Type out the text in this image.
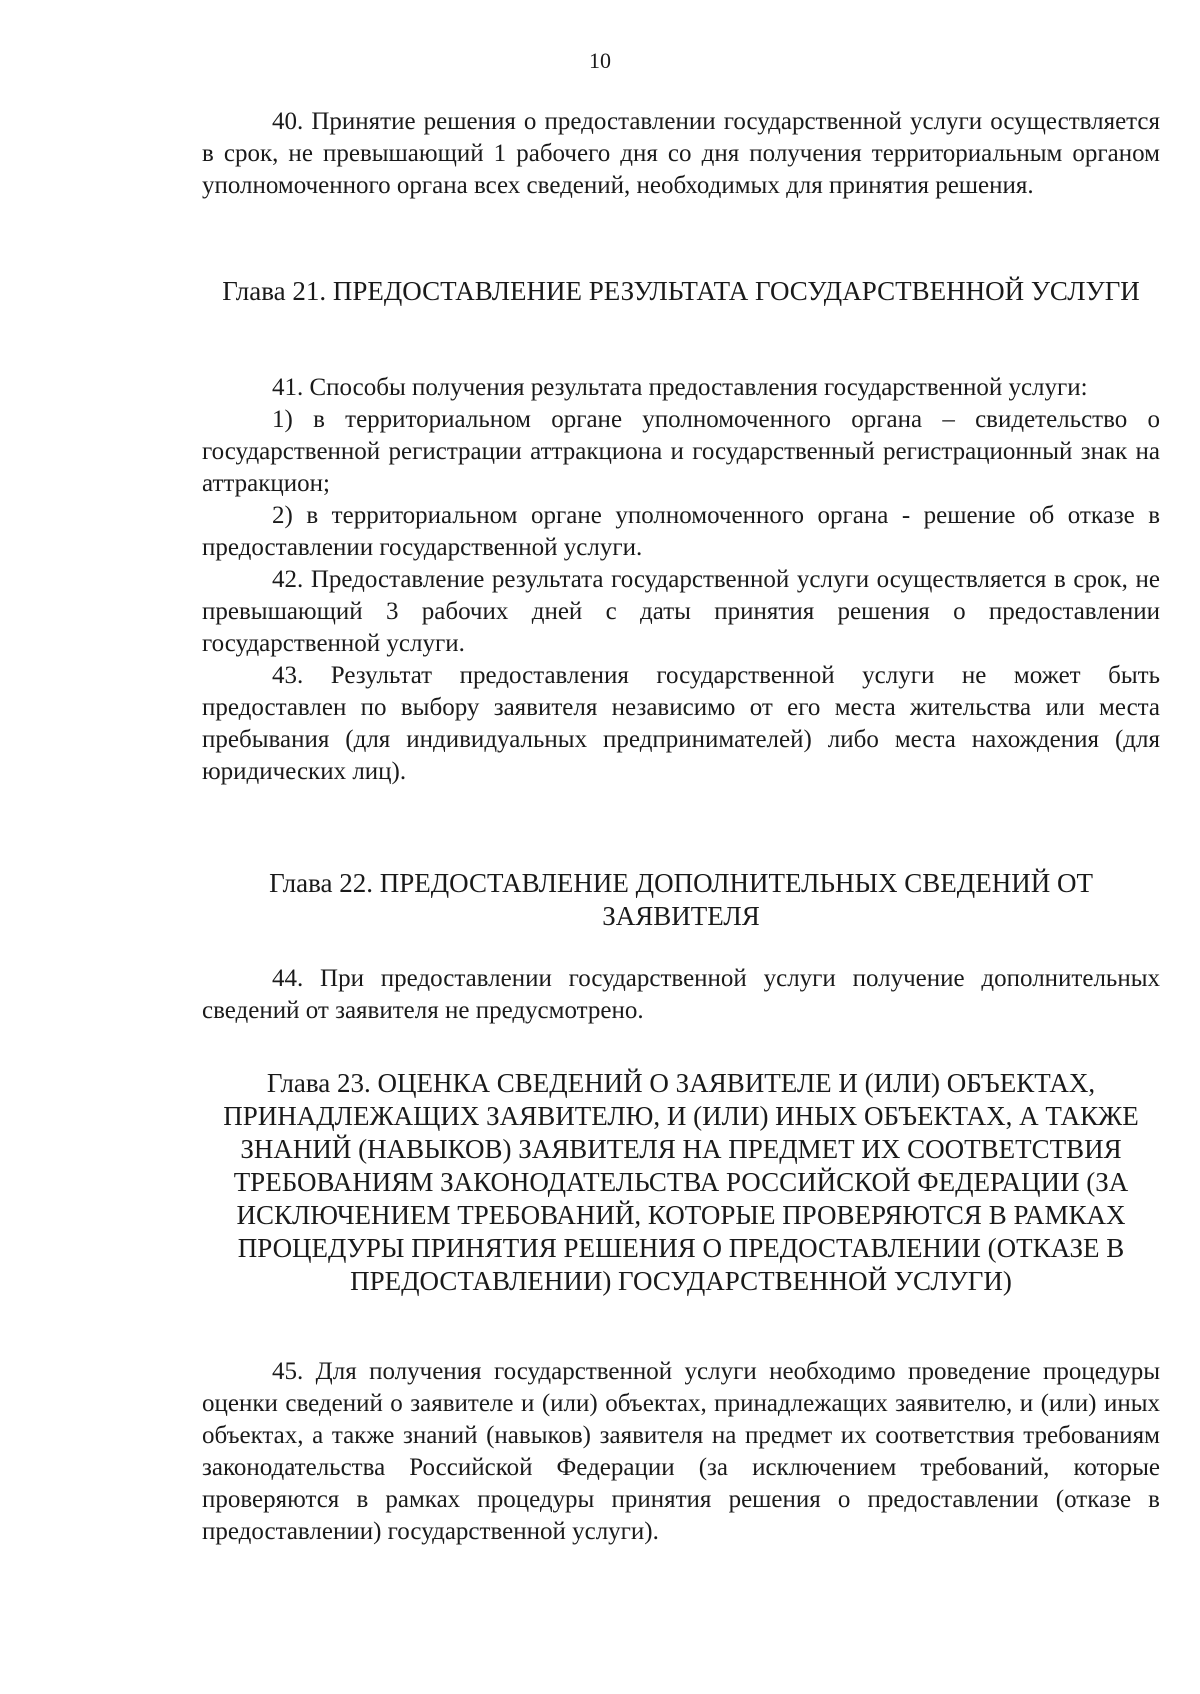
10

40. Принятие решения о предоставлении государственной услуги осуществляется в срок, не превышающий 1 рабочего дня со дня получения территориальным органом уполномоченного органа всех сведений, необходимых для принятия решения.

Глава 21. ПРЕДОСТАВЛЕНИЕ РЕЗУЛЬТАТА ГОСУДАРСТВЕННОЙ УСЛУГИ

41. Способы получения результата предоставления государственной услуги:

1) в территориальном органе уполномоченного органа – свидетельство о государственной регистрации аттракциона и государственный регистрационный знак на аттракцион;

2) в территориальном органе уполномоченного органа - решение об отказе в предоставлении государственной услуги.

42. Предоставление результата государственной услуги осуществляется в срок, не превышающий 3 рабочих дней с даты принятия решения о предоставлении государственной услуги.

43. Результат предоставления государственной услуги не может быть предоставлен по выбору заявителя независимо от его места жительства или места пребывания (для индивидуальных предпринимателей) либо места нахождения (для юридических лиц).

Глава 22. ПРЕДОСТАВЛЕНИЕ ДОПОЛНИТЕЛЬНЫХ СВЕДЕНИЙ ОТ ЗАЯВИТЕЛЯ

44. При предоставлении государственной услуги получение дополнительных сведений от заявителя не предусмотрено.

Глава 23. ОЦЕНКА СВЕДЕНИЙ О ЗАЯВИТЕЛЕ И (ИЛИ) ОБЪЕКТАХ, ПРИНАДЛЕЖАЩИХ ЗАЯВИТЕЛЮ, И (ИЛИ) ИНЫХ ОБЪЕКТАХ, А ТАКЖЕ ЗНАНИЙ (НАВЫКОВ) ЗАЯВИТЕЛЯ НА ПРЕДМЕТ ИХ СООТВЕТСТВИЯ ТРЕБОВАНИЯМ ЗАКОНОДАТЕЛЬСТВА РОССИЙСКОЙ ФЕДЕРАЦИИ (ЗА ИСКЛЮЧЕНИЕМ ТРЕБОВАНИЙ, КОТОРЫЕ ПРОВЕРЯЮТСЯ В РАМКАХ ПРОЦЕДУРЫ ПРИНЯТИЯ РЕШЕНИЯ О ПРЕДОСТАВЛЕНИИ (ОТКАЗЕ В ПРЕДОСТАВЛЕНИИ) ГОСУДАРСТВЕННОЙ УСЛУГИ)

45. Для получения государственной услуги необходимо проведение процедуры оценки сведений о заявителе и (или) объектах, принадлежащих заявителю, и (или) иных объектах, а также знаний (навыков) заявителя на предмет их соответствия требованиям законодательства Российской Федерации (за исключением требований, которые проверяются в рамках процедуры принятия решения о предоставлении (отказе в предоставлении) государственной услуги).
